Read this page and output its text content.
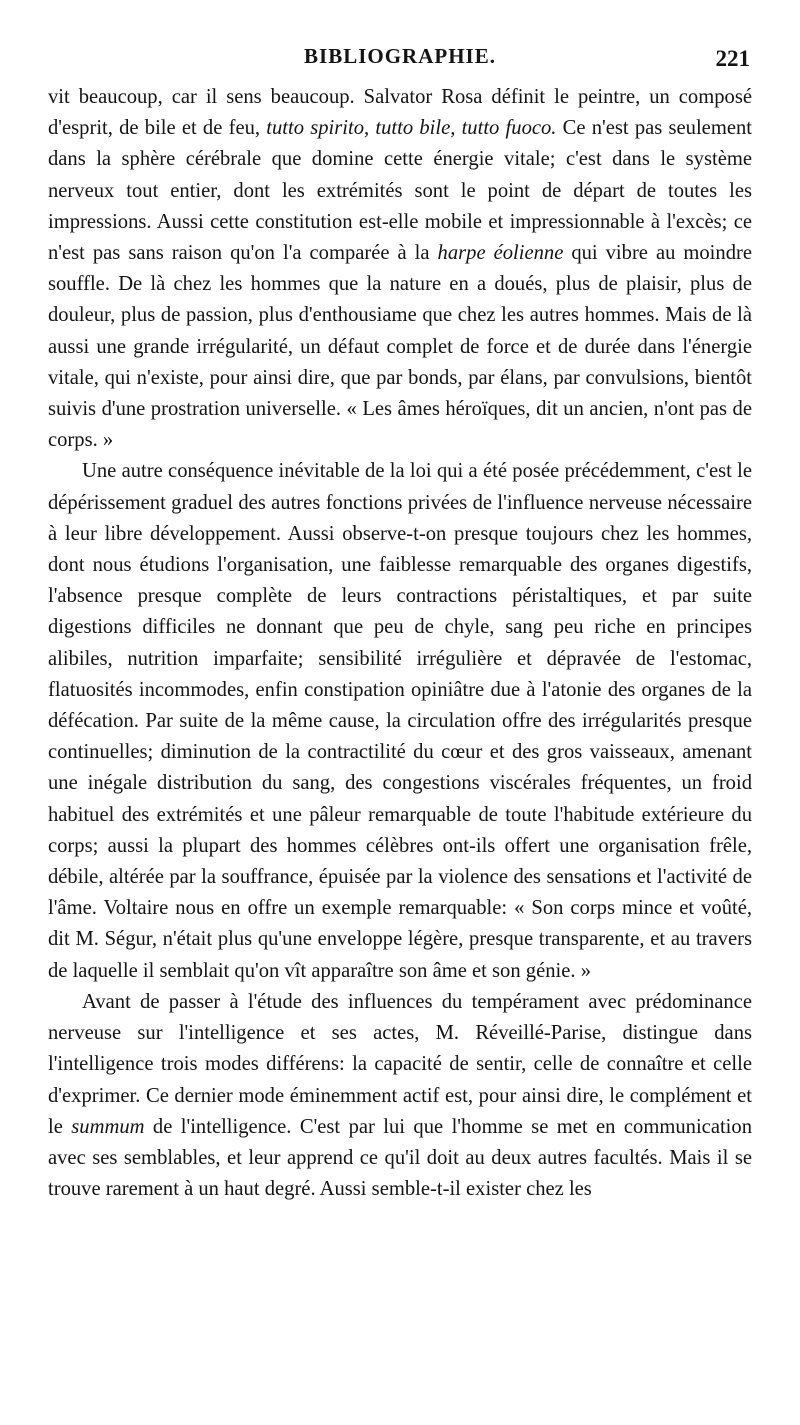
BIBLIOGRAPHIE.	221

vit beaucoup, car il sens beaucoup. Salvator Rosa définit le peintre, un composé d'esprit, de bile et de feu, tutto spirito, tutto bile, tutto fuoco. Ce n'est pas seulement dans la sphère cérébrale que domine cette énergie vitale; c'est dans le système nerveux tout entier, dont les extrémités sont le point de départ de toutes les impressions. Aussi cette constitution est-elle mobile et impressionnable à l'excès; ce n'est pas sans raison qu'on l'a comparée à la harpe éolienne qui vibre au moindre souffle. De là chez les hommes que la nature en a doués, plus de plaisir, plus de douleur, plus de passion, plus d'enthousiame que chez les autres hommes. Mais de là aussi une grande irrégularité, un défaut complet de force et de durée dans l'énergie vitale, qui n'existe, pour ainsi dire, que par bonds, par élans, par convulsions, bientôt suivis d'une prostration universelle. « Les âmes héroïques, dit un ancien, n'ont pas de corps. »

Une autre conséquence inévitable de la loi qui a été posée précédemment, c'est le dépérissement graduel des autres fonctions privées de l'influence nerveuse nécessaire à leur libre développement. Aussi observe-t-on presque toujours chez les hommes, dont nous étudions l'organisation, une faiblesse remarquable des organes digestifs, l'absence presque complète de leurs contractions péristaltiques, et par suite digestions difficiles ne donnant que peu de chyle, sang peu riche en principes alibiles, nutrition imparfaite; sensibilité irrégulière et dépravée de l'estomac, flatuosités incommodes, enfin constipation opiniâtre due à l'atonie des organes de la défécation. Par suite de la même cause, la circulation offre des irrégularités presque continuelles; diminution de la contractilité du cœur et des gros vaisseaux, amenant une inégale distribution du sang, des congestions viscérales fréquentes, un froid habituel des extrémités et une pâleur remarquable de toute l'habitude extérieure du corps; aussi la plupart des hommes célèbres ont-ils offert une organisation frêle, débile, altérée par la souffrance, épuisée par la violence des sensations et l'activité de l'âme. Voltaire nous en offre un exemple remarquable: « Son corps mince et voûté, dit M. Ségur, n'était plus qu'une enveloppe légère, presque transparente, et au travers de laquelle il semblait qu'on vît apparaître son âme et son génie. »

Avant de passer à l'étude des influences du tempérament avec prédominance nerveuse sur l'intelligence et ses actes, M. Réveillé-Parise, distingue dans l'intelligence trois modes différens: la capacité de sentir, celle de connaître et celle d'exprimer. Ce dernier mode éminemment actif est, pour ainsi dire, le complément et le summum de l'intelligence. C'est par lui que l'homme se met en communication avec ses semblables, et leur apprend ce qu'il doit au deux autres facultés. Mais il se trouve rarement à un haut degré. Aussi semble-t-il exister chez les
